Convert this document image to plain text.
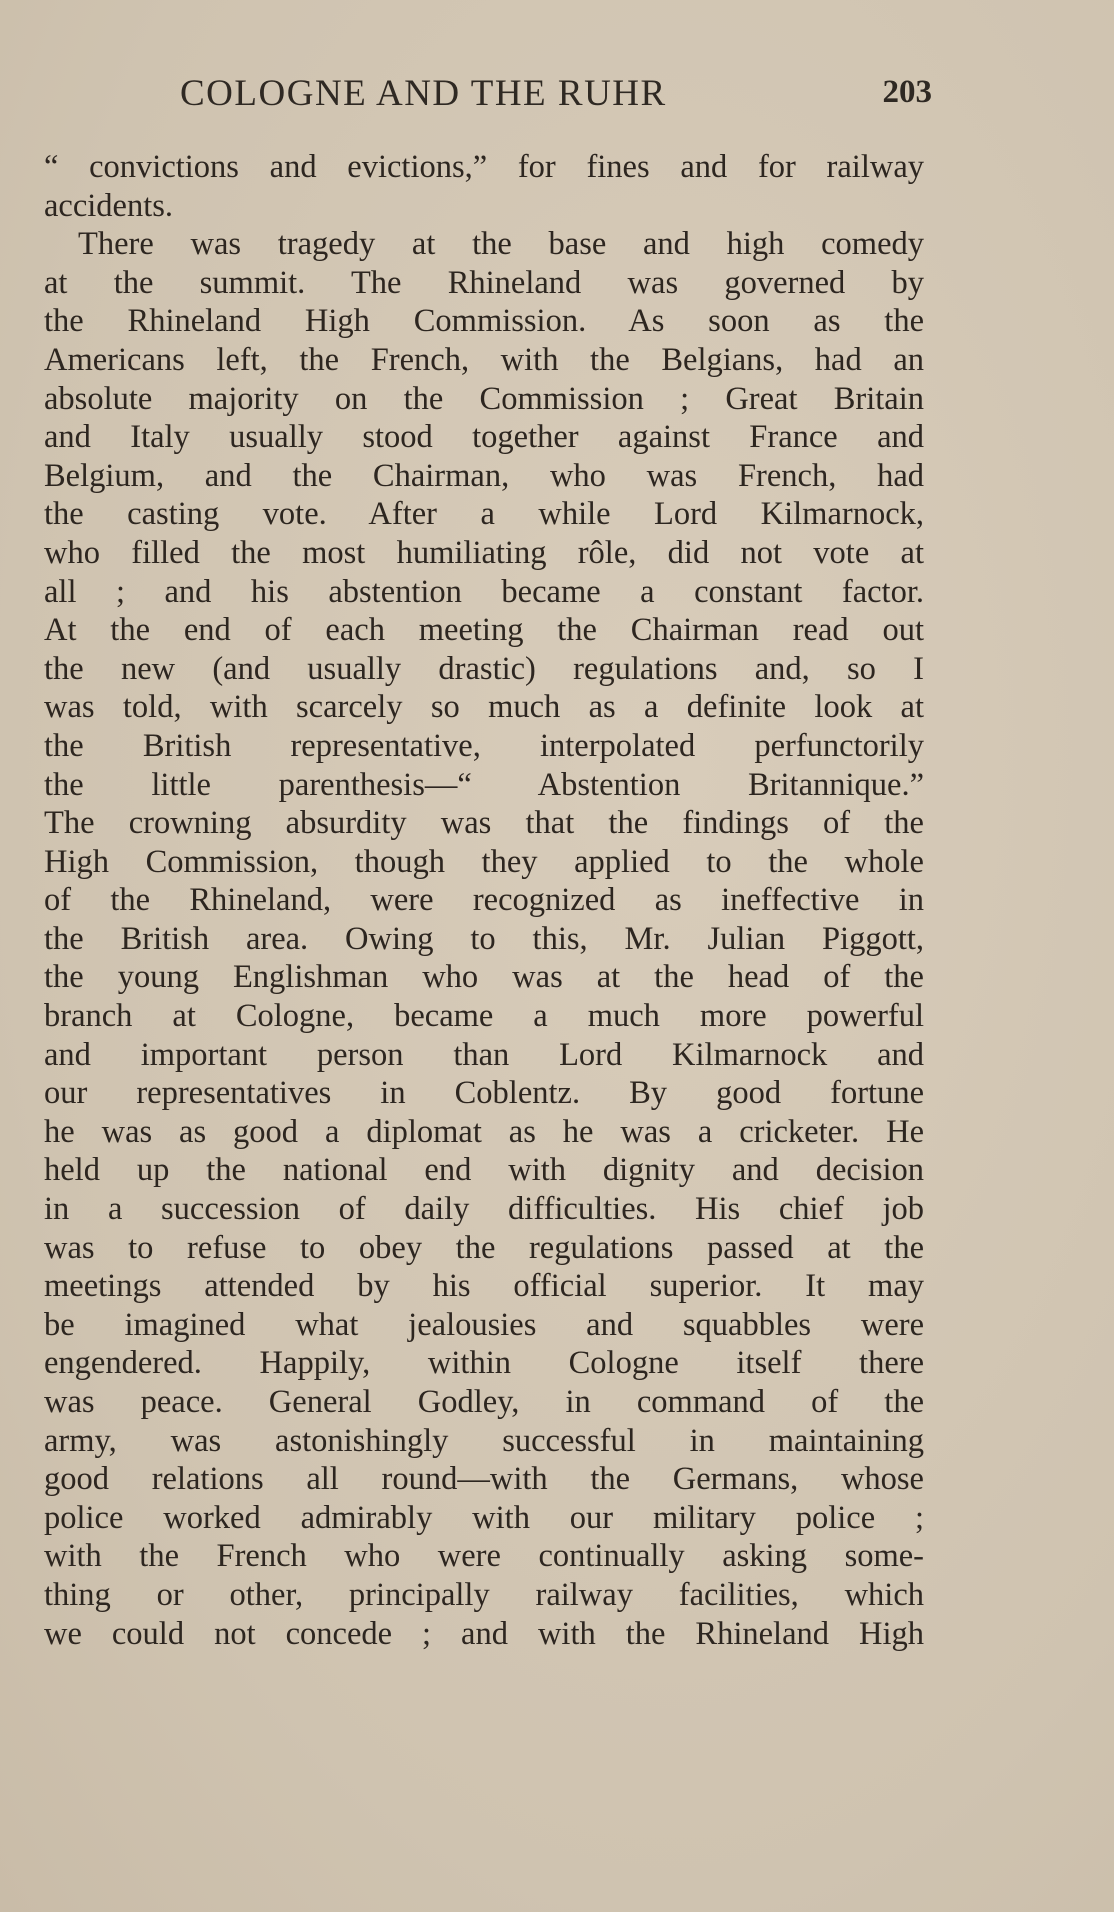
COLOGNE AND THE RUHR	203
“ convictions and evictions,” for fines and for railway
accidents.
There was tragedy at the base and high comedy
at the summit. The Rhineland was governed by
the Rhineland High Commission. As soon as the
Americans left, the French, with the Belgians, had an
absolute majority on the Commission ; Great Britain
and Italy usually stood together against France and
Belgium, and the Chairman, who was French, had
the casting vote. After a while Lord Kilmarnock,
who filled the most humiliating rôle, did not vote at
all ; and his abstention became a constant factor.
At the end of each meeting the Chairman read out
the new (and usually drastic) regulations and, so I
was told, with scarcely so much as a definite look at
the British representative, interpolated perfunctorily
the little parenthesis—“ Abstention Britannique.”
The crowning absurdity was that the findings of the
High Commission, though they applied to the whole
of the Rhineland, were recognized as ineffective in
the British area. Owing to this, Mr. Julian Piggott,
the young Englishman who was at the head of the
branch at Cologne, became a much more powerful
and important person than Lord Kilmarnock and
our representatives in Coblentz. By good fortune
he was as good a diplomat as he was a cricketer. He
held up the national end with dignity and decision
in a succession of daily difficulties. His chief job
was to refuse to obey the regulations passed at the
meetings attended by his official superior. It may
be imagined what jealousies and squabbles were
engendered. Happily, within Cologne itself there
was peace. General Godley, in command of the
army, was astonishingly successful in maintaining
good relations all round—with the Germans, whose
police worked admirably with our military police ;
with the French who were continually asking some-
thing or other, principally railway facilities, which
we could not concede ; and with the Rhineland High
